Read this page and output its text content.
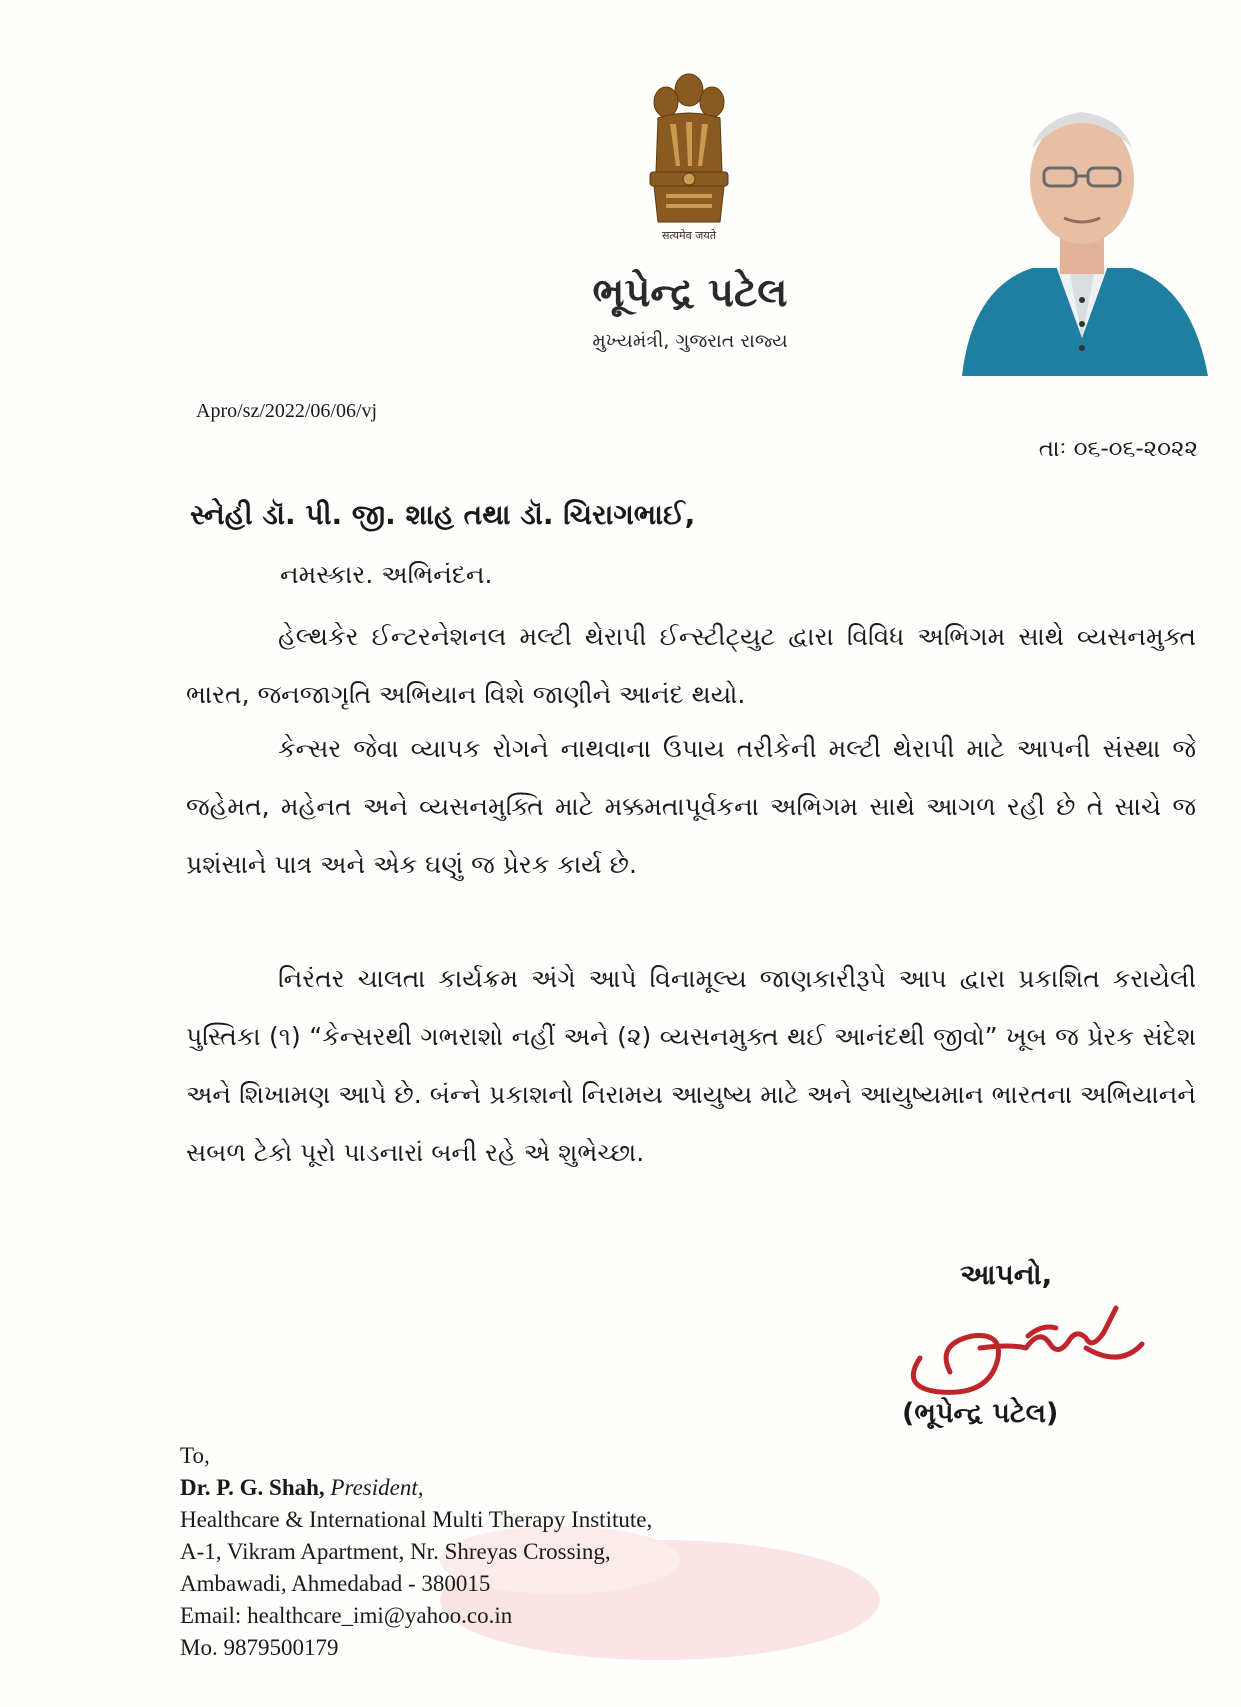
सत्यमेव जयते
ભૂપેન્દ્ર પટેલ
મુખ્યમંત્રી, ગુજરાત રાજ્ય
Apro/sz/2022/06/06/vj
તાઃ ૦૬-૦૬-૨૦૨૨
સ્નેહી ડૉ. પી. જી. શાહ તથા ડૉ. ચિરાગભાઈ,
નમસ્કાર. અભિનંદન.

હેલ્થકેર ઈન્ટરનેશનલ મલ્ટી થેરાપી ઈન્સ્ટીટ્યુટ દ્વારા વિવિધ અભિગમ સાથે વ્યસનમુક્ત ભારત, જનજાગૃતિ અભિયાન વિશે જાણીને આનંદ થયો.

કેન્સર જેવા વ્યાપક રોગને નાથવાના ઉપાય તરીકેની મલ્ટી થેરાપી માટે આપની સંસ્થા જે જહેમત, મહેનત અને વ્યસનમુક્તિ માટે મક્કમતાપૂર્વકના અભિગમ સાથે આગળ રહી છે તે સાચે જ પ્રશંસાને પાત્ર અને એક ઘણું જ પ્રેરક કાર્ય છે.

નિરંતર ચાલતા કાર્યક્રમ અંગે આપે વિનામૂલ્ય જાણકારીરૂપે આપ દ્વારા પ્રકાશિત કરાયેલી પુસ્તિકા (૧) “કેન્સરથી ગભરાશો નહીં અને (૨) વ્યસનમુક્ત થઈ આનંદથી જીવો” ખૂબ જ પ્રેરક સંદેશ અને શિખામણ આપે છે. બંન્ને પ્રકાશનો નિરામય આયુષ્ય માટે અને આયુષ્યમાન ભારતના અભિયાનને સબળ ટેકો પૂરો પાડનારાં બની રહે એ શુભેચ્છા.

આપનો,
(ભૂપેન્દ્ર પટેલ)
To,
Dr. P. G. Shah, President,
Healthcare & International Multi Therapy Institute,
A-1, Vikram Apartment, Nr. Shreyas Crossing,
Ambawadi, Ahmedabad - 380015
Email: healthcare_imi@yahoo.co.in
Mo. 9879500179
